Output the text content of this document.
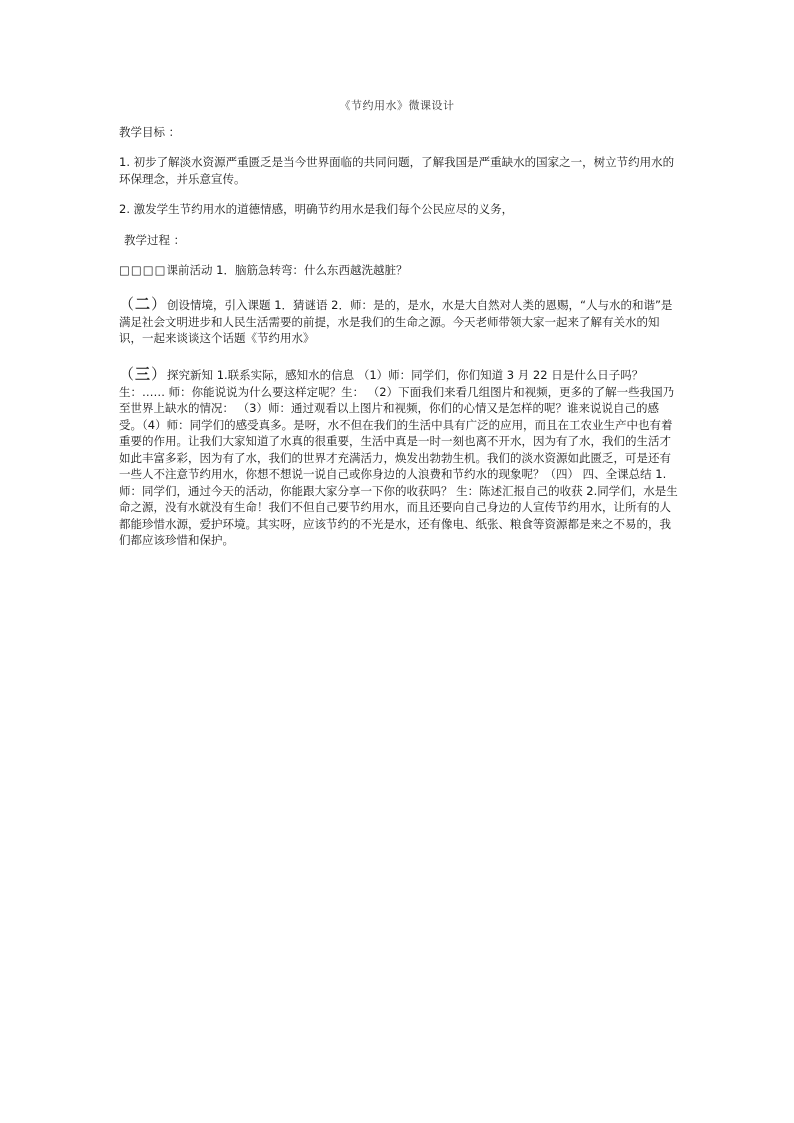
《节约用水》微课设计
教学目标 ：
1. 初步了解淡水资源严重匮乏是当今世界面临的共同问题，了解我国是严重缺水的国家之一，树立节约用水的环保理念，并乐意宣传。
2. 激发学生节约用水的道德情感，明确节约用水是我们每个公民应尽的义务，
教学过程 ：
□□□□课前活动 1．脑筋急转弯：什么东西越洗越脏？
（二）创设情境，引入课题 1．猜谜语 2．师：是的，是水，水是大自然对人类的恩赐，“人与水的和谐”是满足社会文明进步和人民生活需要的前提，水是我们的生命之源。今天老师带领大家一起来了解有关水的知识，一起来谈谈这个话题《节约用水》
（三）探究新知 1.联系实际，感知水的信息 （1）师：同学们，你们知道 3 月 22 日是什么日子吗？ 生：…… 师：你能说说为什么要这样定呢？生： （2）下面我们来看几组图片和视频，更多的了解一些我国乃至世界上缺水的情况： （3）师：通过观看以上图片和视频，你们的心情又是怎样的呢？谁来说说自己的感受。（4）师：同学们的感受真多。是呀，水不但在我们的生活中具有广泛的应用，而且在工农业生产中也有着重要的作用。让我们大家知道了水真的很重要，生活中真是一时一刻也离不开水，因为有了水，我们的生活才如此丰富多彩，因为有了水，我们的世界才充满活力，焕发出勃勃生机。我们的淡水资源如此匮乏，可是还有一些人不注意节约用水，你想不想说一说自己或你身边的人浪费和节约水的现象呢？（四） 四、全课总结 1. 师：同学们，通过今天的活动，你能跟大家分享一下你的收获吗？ 生：陈述汇报自己的收获 2.同学们，水是生命之源，没有水就没有生命！我们不但自己要节约用水，而且还要向自己身边的人宣传节约用水，让所有的人都能珍惜水源，爱护环境。其实呀，应该节约的不光是水，还有像电、纸张、粮食等资源都是来之不易的，我们都应该珍惜和保护。
